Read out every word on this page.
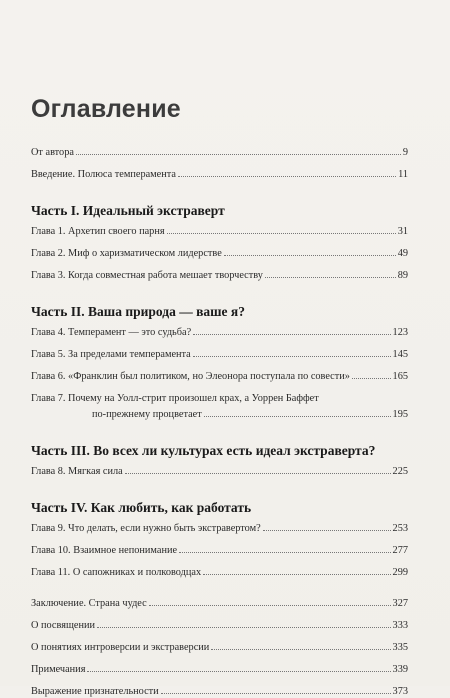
Оглавление
От автора	9
Введение. Полюса темперамента	11
Часть I. Идеальный экстраверт
Глава 1. Архетип своего парня	31
Глава 2. Миф о харизматическом лидерстве	49
Глава 3. Когда совместная работа мешает творчеству	89
Часть II. Ваша природа — ваше я?
Глава 4. Темперамент — это судьба?	123
Глава 5. За пределами темперамента	145
Глава 6. «Франклин был политиком, но Элеонора поступала по совести»	165
Глава 7. Почему на Уолл-стрит произошел крах, а Уоррен Баффет
по-прежнему процветает	195
Часть III. Во всех ли культурах есть идеал экстраверта?
Глава 8. Мягкая сила	225
Часть IV. Как любить, как работать
Глава 9. Что делать, если нужно быть экстравертом?	253
Глава 10. Взаимное непонимание	277
Глава 11. О сапожниках и полководцах	299
Заключение. Страна чудес	327
О посвящении	333
О понятиях интроверсии и экстраверсии	335
Примечания	339
Выражение признательности	373
